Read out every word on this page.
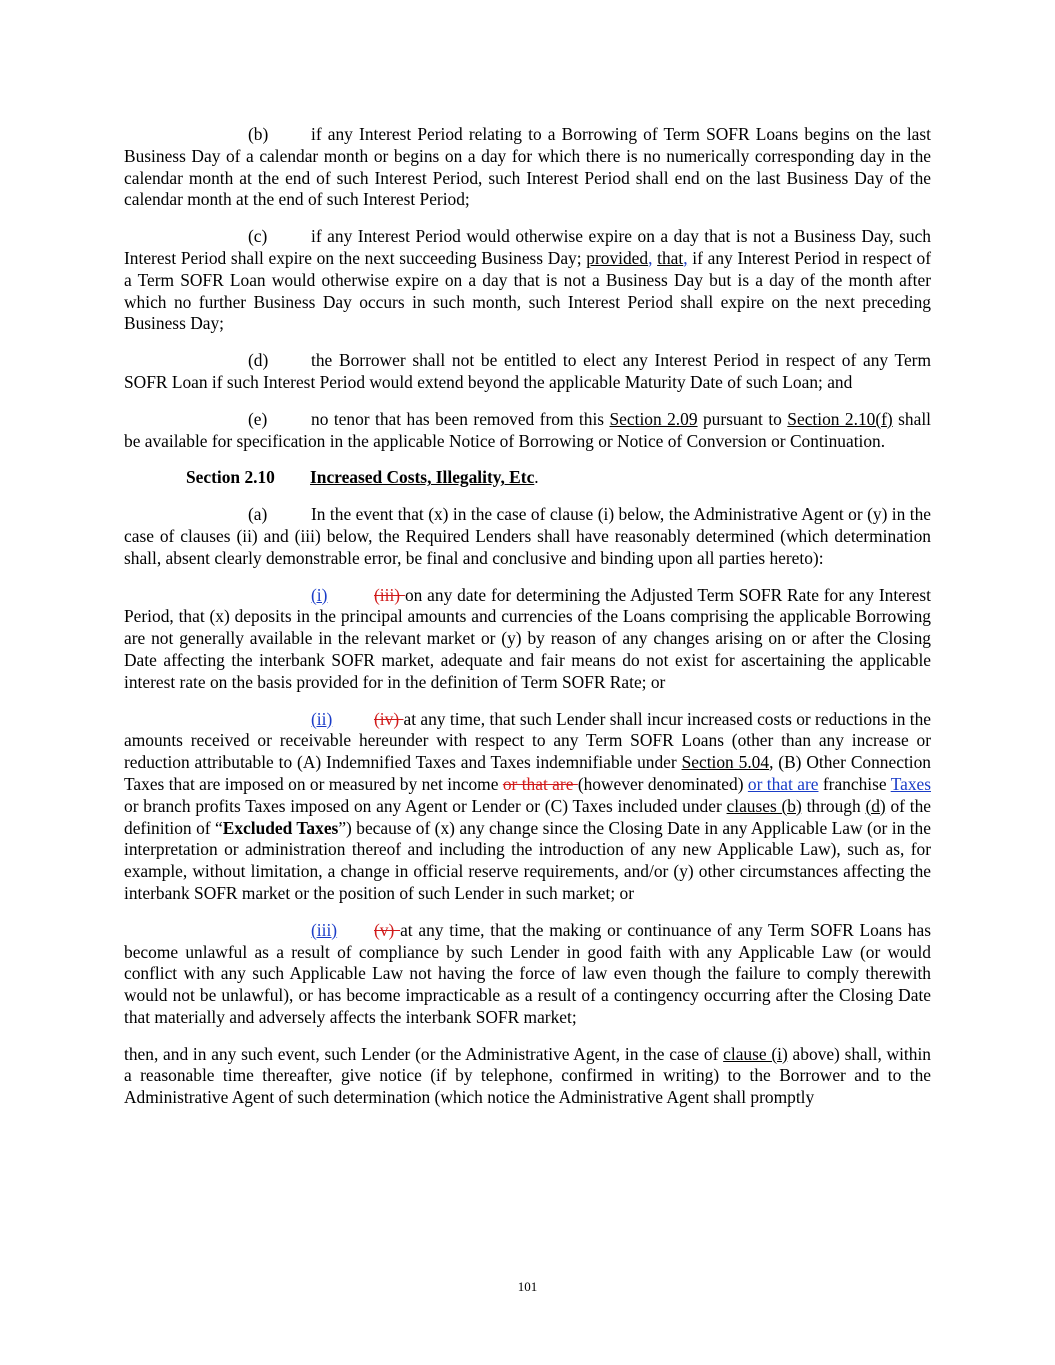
(b) if any Interest Period relating to a Borrowing of Term SOFR Loans begins on the last Business Day of a calendar month or begins on a day for which there is no numerically corresponding day in the calendar month at the end of such Interest Period, such Interest Period shall end on the last Business Day of the calendar month at the end of such Interest Period;

(c)	if any Interest Period would otherwise expire on a day that is not a Business Day, such Interest Period shall expire on the next succeeding Business Day; provided, that, if any Interest Period in respect of a Term SOFR Loan would otherwise expire on a day that is not a Business Day but is a day of the month after which no further Business Day occurs in such month, such Interest Period shall expire on the next preceding Business Day;

(d) the Borrower shall not be entitled to elect any Interest Period in respect of any Term SOFR Loan if such Interest Period would extend beyond the applicable Maturity Date of such Loan; and

(e)	no tenor that has been removed from this Section 2.09 pursuant to Section 2.10(f) shall be available for specification in the applicable Notice of Borrowing or Notice of Conversion or Continuation.

Section 2.10 Increased Costs, Illegality, Etc.

(a)	In the event that (x) in the case of clause (i) below, the Administrative Agent or (y) in the case of clauses (ii) and (iii) below, the Required Lenders shall have reasonably determined (which determination shall, absent clearly demonstrable error, be final and conclusive and binding upon all parties hereto):

(i)	(iii) on any date for determining the Adjusted Term SOFR Rate for any Interest Period, that (x) deposits in the principal amounts and currencies of the Loans comprising the applicable Borrowing are not generally available in the relevant market or (y) by reason of any changes arising on or after the Closing Date affecting the interbank SOFR market, adequate and fair means do not exist for ascertaining the applicable interest rate on the basis provided for in the definition of Term SOFR Rate; or

(ii) (iv) at any time, that such Lender shall incur increased costs or reductions in the amounts received or receivable hereunder with respect to any Term SOFR Loans (other than any increase or reduction attributable to (A) Indemnified Taxes and Taxes indemnifiable under Section 5.04, (B) Other Connection Taxes that are imposed on or measured by net income or that are (however denominated) or that are franchise Taxes or branch profits Taxes imposed on any Agent or Lender or (C) Taxes included under clauses (b) through (d) of the definition of “Excluded Taxes”) because of (x) any change since the Closing Date in any Applicable Law (or in the interpretation or administration thereof and including the introduction of any new Applicable Law), such as, for example, without limitation, a change in official reserve requirements, and/or (y) other circumstances affecting the interbank SOFR market or the position of such Lender in such market; or

(iii) (v) at any time, that the making or continuance of any Term SOFR Loans has become unlawful as a result of compliance by such Lender in good faith with any Applicable Law (or would conflict with any such Applicable Law not having the force of law even though the failure to comply therewith would not be unlawful), or has become impracticable as a result of a contingency occurring after the Closing Date that materially and adversely affects the interbank SOFR market;

then, and in any such event, such Lender (or the Administrative Agent, in the case of clause (i) above) shall, within a reasonable time thereafter, give notice (if by telephone, confirmed in writing) to the Borrower and to the Administrative Agent of such determination (which notice the Administrative Agent shall promptly

101
